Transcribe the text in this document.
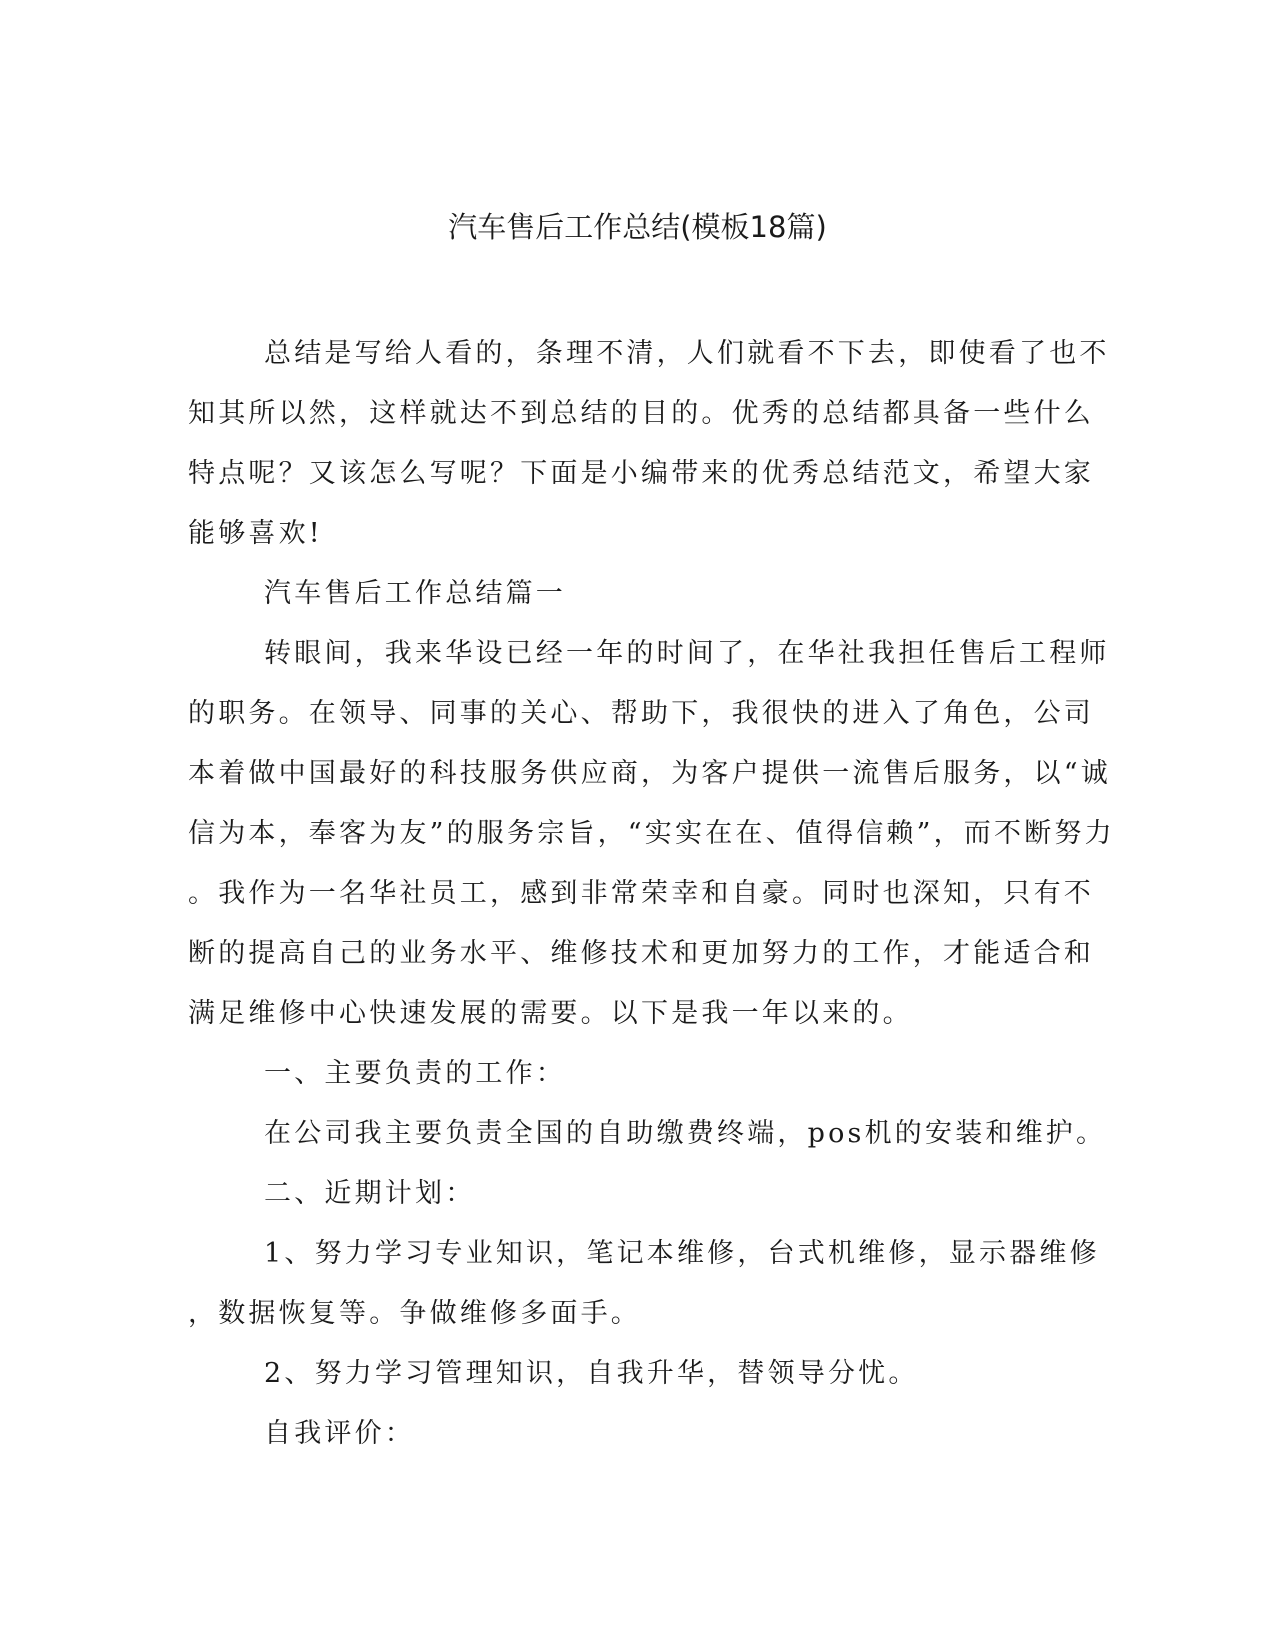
汽车售后工作总结(模板18篇)

总结是写给人看的，条理不清，人们就看不下去，即使看了也不

知其所以然，这样就达不到总结的目的。优秀的总结都具备一些什么

特点呢？又该怎么写呢？下面是小编带来的优秀总结范文，希望大家

能够喜欢!

汽车售后工作总结篇一

转眼间，我来华设已经一年的时间了，在华社我担任售后工程师

的职务。在领导、同事的关心、帮助下，我很快的进入了角色，公司

本着做中国最好的科技服务供应商，为客户提供一流售后服务，以“诚

信为本，奉客为友”的服务宗旨，“实实在在、值得信赖”，而不断努力

。我作为一名华社员工，感到非常荣幸和自豪。同时也深知，只有不

断的提高自己的业务水平、维修技术和更加努力的工作，才能适合和

满足维修中心快速发展的需要。以下是我一年以来的。

一、主要负责的工作：

在公司我主要负责全国的自助缴费终端，pos机的安装和维护。

二、近期计划：

1、努力学习专业知识，笔记本维修，台式机维修，显示器维修

，数据恢复等。争做维修多面手。

2、努力学习管理知识，自我升华，替领导分忧。

自我评价：
